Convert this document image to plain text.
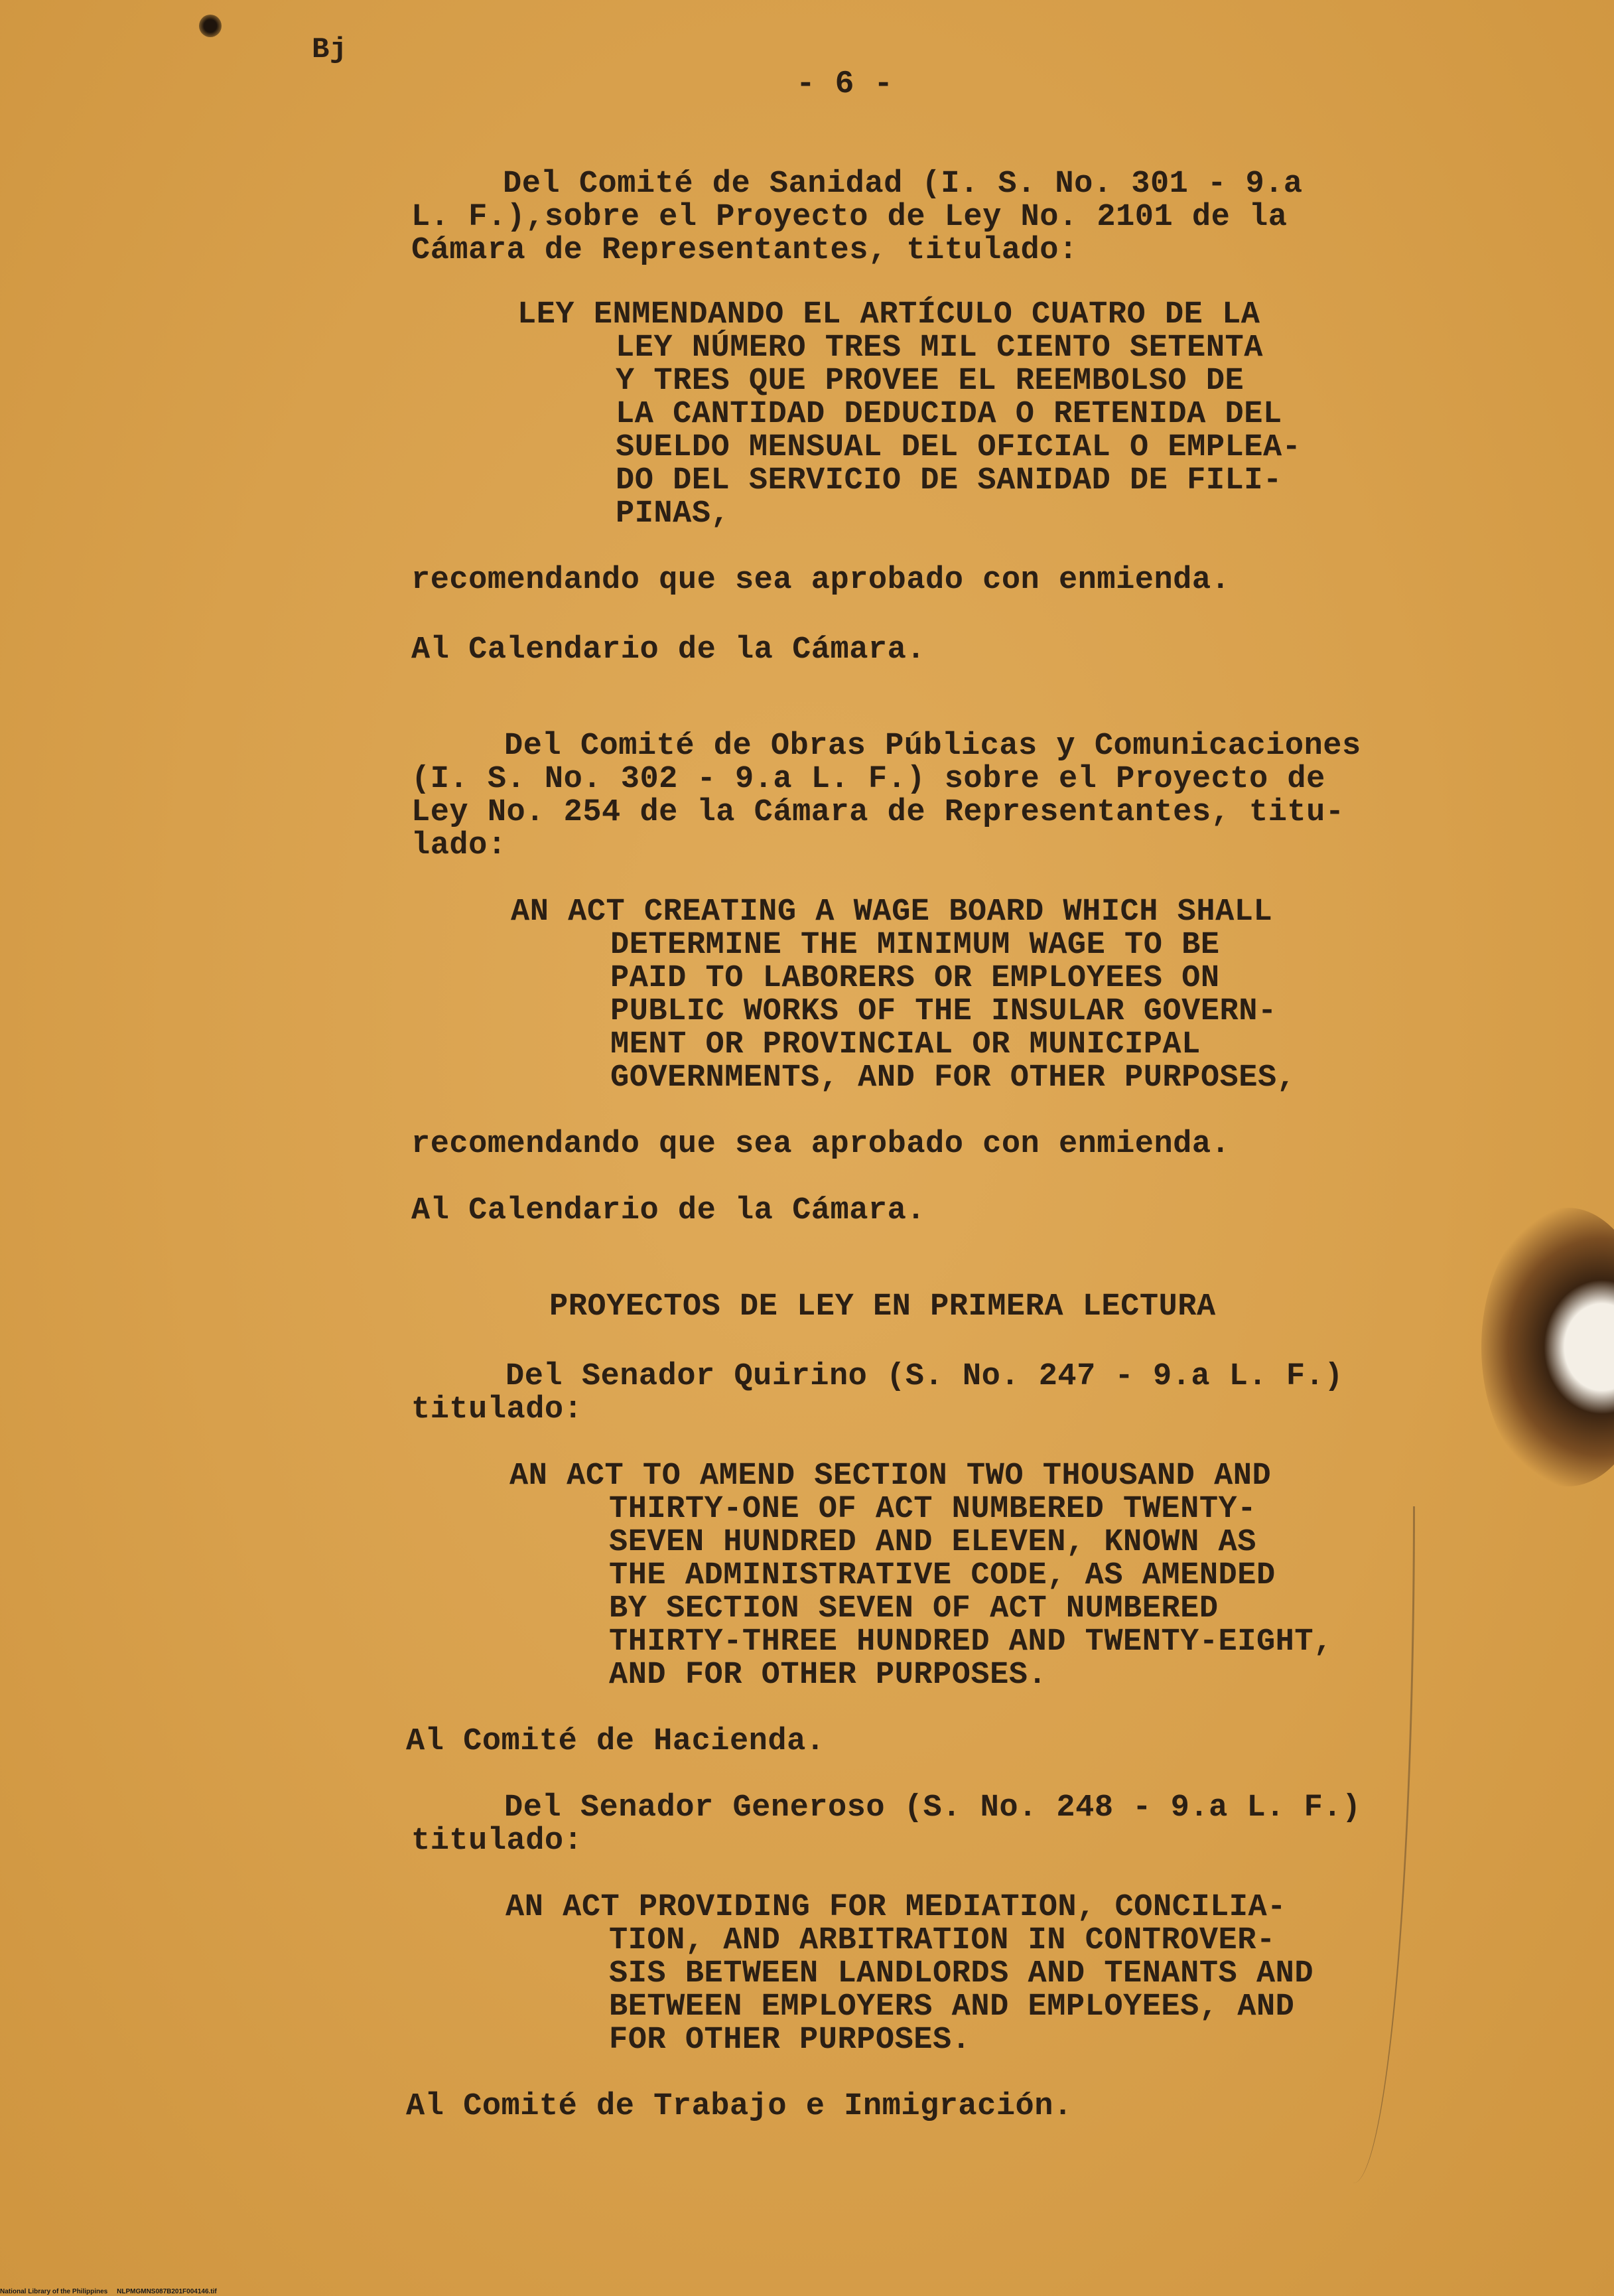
Bj
- 6 -
Del Comité de Sanidad (I. S. No. 301 - 9.a
L. F.),sobre el Proyecto de Ley No. 2101 de la
Cámara de Representantes, titulado:
LEY ENMENDANDO EL ARTÍCULO CUATRO DE LA
LEY NÚMERO TRES MIL CIENTO SETENTA
Y TRES QUE PROVEE EL REEMBOLSO DE
LA CANTIDAD DEDUCIDA O RETENIDA DEL
SUELDO MENSUAL DEL OFICIAL O EMPLEA-
DO DEL SERVICIO DE SANIDAD DE FILI-
PINAS,
recomendando que sea aprobado con enmienda.
Al Calendario de la Cámara.
Del Comité de Obras Públicas y Comunicaciones
(I. S. No. 302 - 9.a L. F.) sobre el Proyecto de
Ley No. 254 de la Cámara de Representantes, titu-
lado:
AN ACT CREATING A WAGE BOARD WHICH SHALL
DETERMINE THE MINIMUM WAGE TO BE
PAID TO LABORERS OR EMPLOYEES ON
PUBLIC WORKS OF THE INSULAR GOVERN-
MENT OR PROVINCIAL OR MUNICIPAL
GOVERNMENTS, AND FOR OTHER PURPOSES,
recomendando que sea aprobado con enmienda.
Al Calendario de la Cámara.
PROYECTOS DE LEY EN PRIMERA LECTURA
Del Senador Quirino (S. No. 247 - 9.a L. F.)
titulado:
AN ACT TO AMEND SECTION TWO THOUSAND AND
THIRTY-ONE OF ACT NUMBERED TWENTY-
SEVEN HUNDRED AND ELEVEN, KNOWN AS
THE ADMINISTRATIVE CODE, AS AMENDED
BY SECTION SEVEN OF ACT NUMBERED
THIRTY-THREE HUNDRED AND TWENTY-EIGHT,
AND FOR OTHER PURPOSES.
Al Comité de Hacienda.
Del Senador Generoso (S. No. 248 - 9.a L. F.)
titulado:
AN ACT PROVIDING FOR MEDIATION, CONCILIA-
TION, AND ARBITRATION IN CONTROVER-
SIS BETWEEN LANDLORDS AND TENANTS AND
BETWEEN EMPLOYERS AND EMPLOYEES, AND
FOR OTHER PURPOSES.
Al Comité de Trabajo e Inmigración.
National Library of the Philippines     NLPMGMNS087B201F004146.tif
